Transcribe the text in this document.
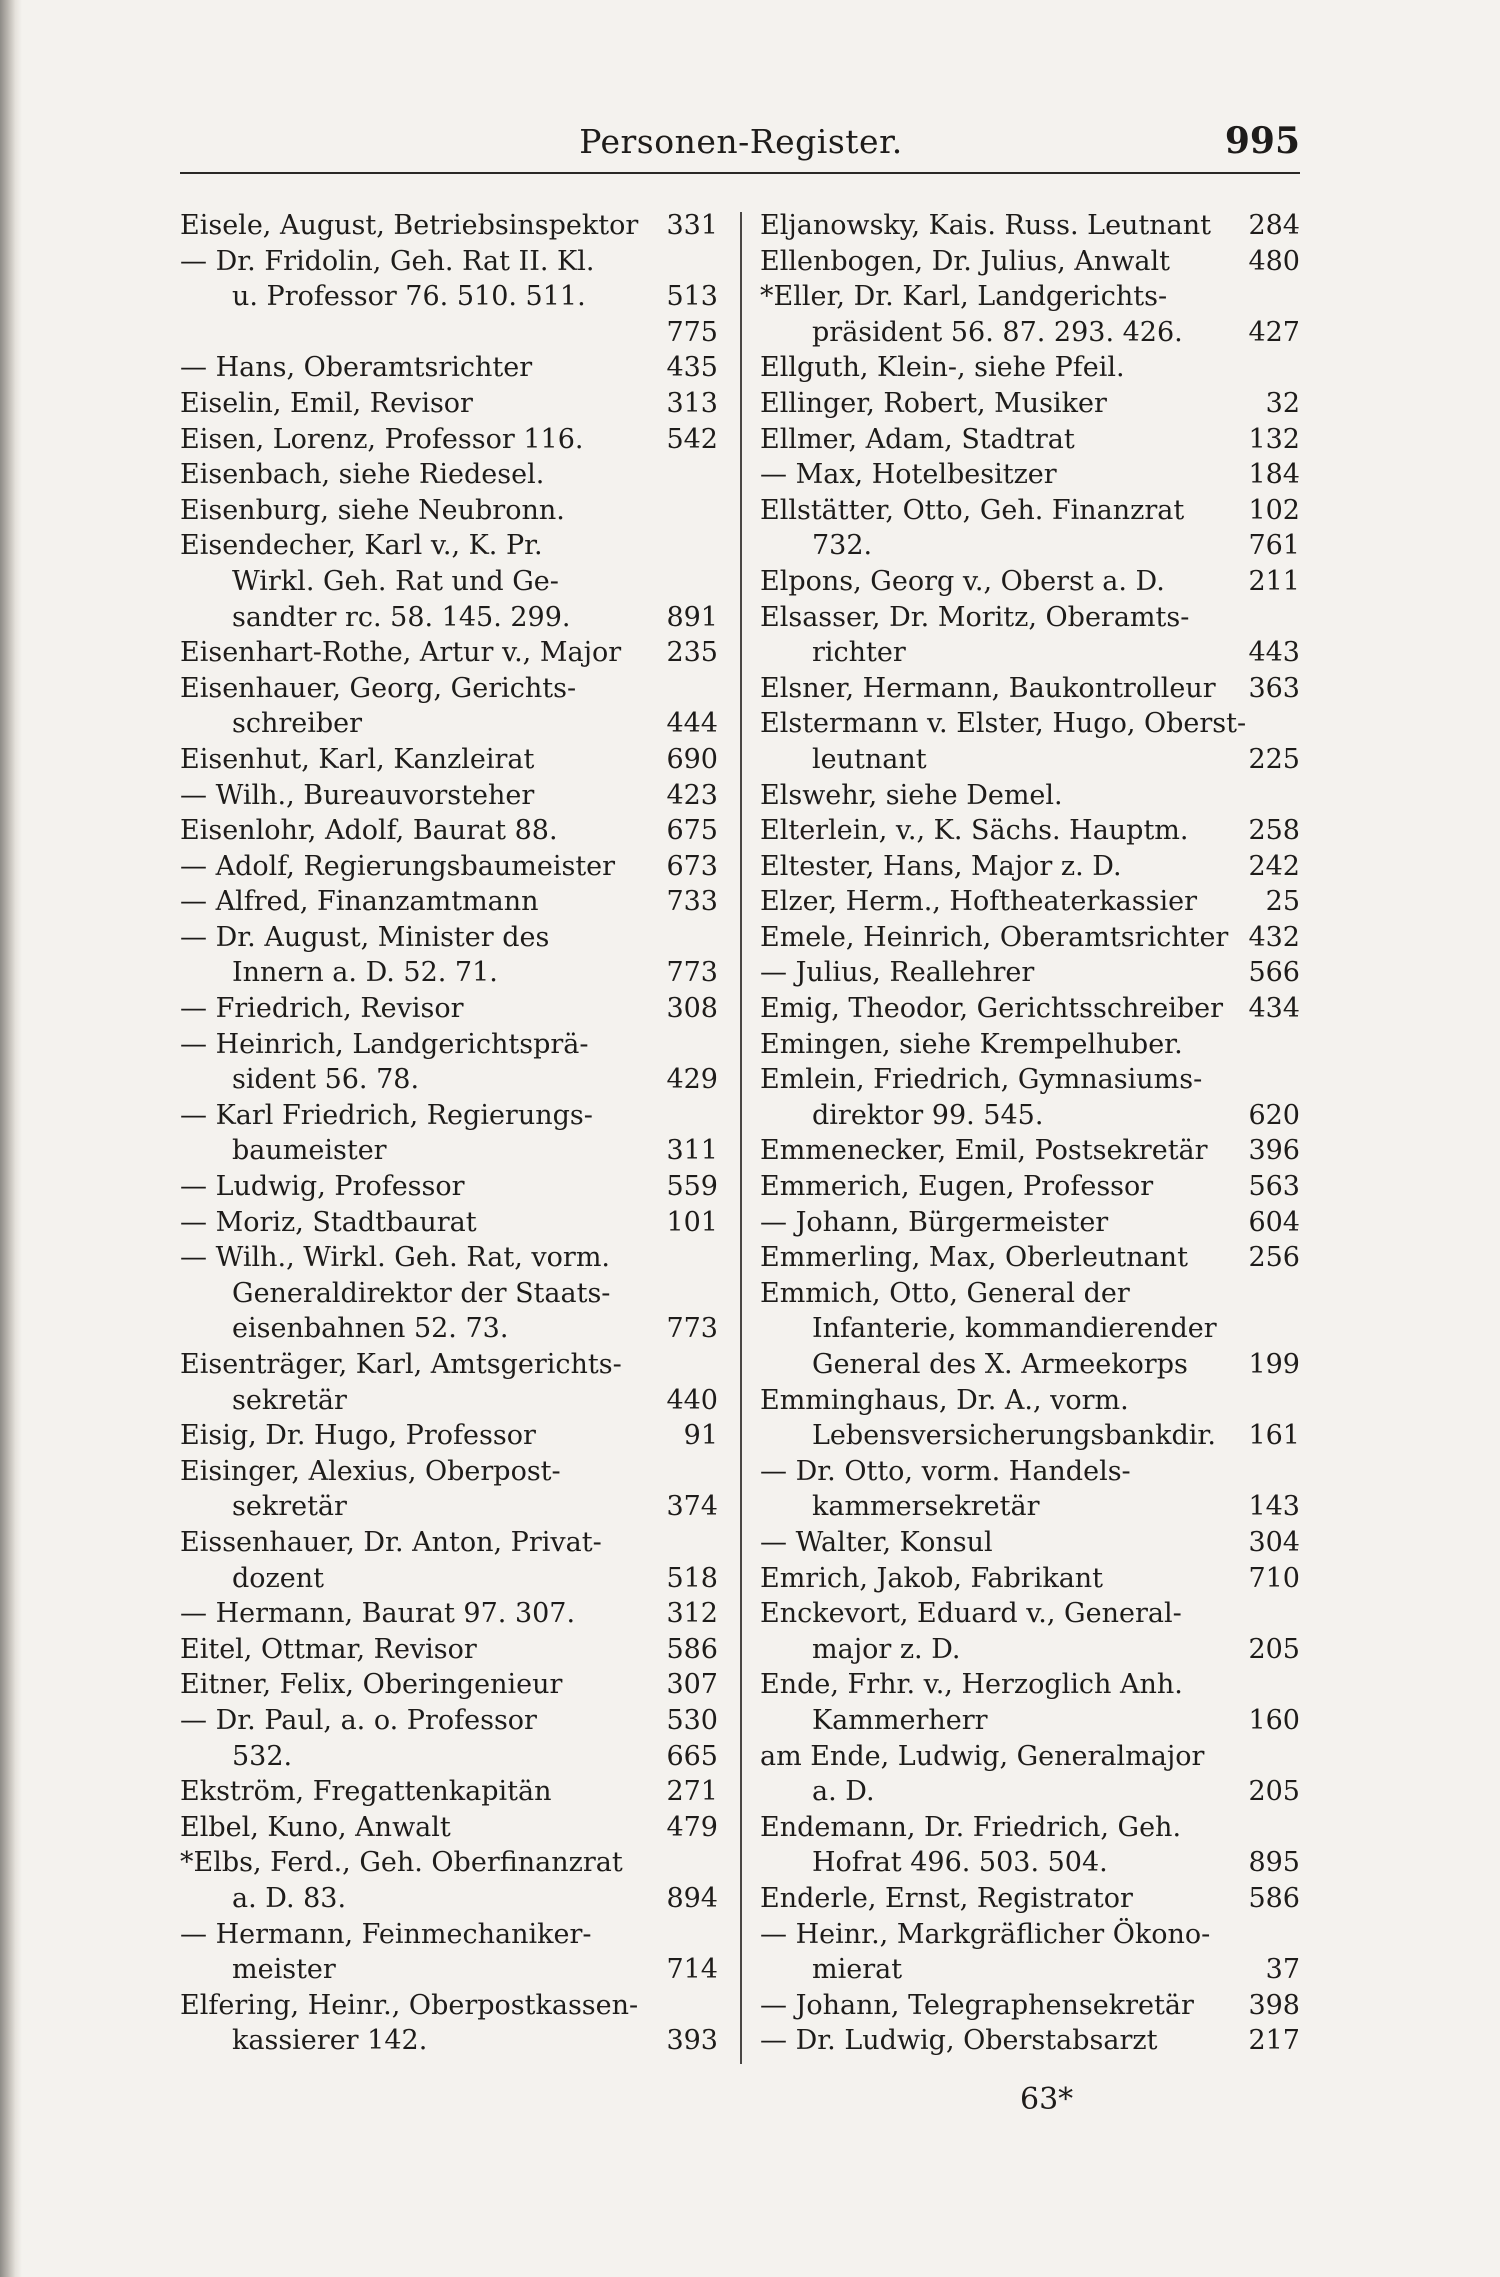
Personen-Register.	995
Eisele, August, Betriebsinspektor	331
— Dr. Fridolin, Geh. Rat II. Kl.
u. Professor 76. 510. 511.	513
775
— Hans, Oberamtsrichter	435
Eiselin, Emil, Revisor	313
Eisen, Lorenz, Professor 116.	542
Eisenbach, siehe Riedesel.
Eisenburg, siehe Neubronn.
Eisendecher, Karl v., K. Pr.
Wirkl. Geh. Rat und Ge-
sandter rc. 58. 145. 299.	891
Eisenhart-Rothe, Artur v., Major	235
Eisenhauer, Georg, Gerichts-
schreiber	444
Eisenhut, Karl, Kanzleirat	690
— Wilh., Bureauvorsteher	423
Eisenlohr, Adolf, Baurat 88.	675
— Adolf, Regierungsbaumeister	673
— Alfred, Finanzamtmann	733
— Dr. August, Minister des
Innern a. D. 52. 71.	773
— Friedrich, Revisor	308
— Heinrich, Landgerichtsprä-
sident 56. 78.	429
— Karl Friedrich, Regierungs-
baumeister	311
— Ludwig, Professor	559
— Moriz, Stadtbaurat	101
— Wilh., Wirkl. Geh. Rat, vorm.
Generaldirektor der Staats-
eisenbahnen 52. 73.	773
Eisenträger, Karl, Amtsgerichts-
sekretär	440
Eisig, Dr. Hugo, Professor	91
Eisinger, Alexius, Oberpost-
sekretär	374
Eissenhauer, Dr. Anton, Privat-
dozent	518
— Hermann, Baurat 97. 307.	312
Eitel, Ottmar, Revisor	586
Eitner, Felix, Oberingenieur	307
— Dr. Paul, a. o. Professor	530
532.	665
Ekström, Fregattenkapitän	271
Elbel, Kuno, Anwalt	479
*Elbs, Ferd., Geh. Oberfinanzrat
a. D. 83.	894
— Hermann, Feinmechaniker-
meister	714
Elfering, Heinr., Oberpostkassen-
kassierer 142.	393
Eljanowsky, Kais. Russ. Leutnant	284
Ellenbogen, Dr. Julius, Anwalt	480
*Eller, Dr. Karl, Landgerichts-
präsident 56. 87. 293. 426.	427
Ellguth, Klein-, siehe Pfeil.
Ellinger, Robert, Musiker	32
Ellmer, Adam, Stadtrat	132
— Max, Hotelbesitzer	184
Ellstätter, Otto, Geh. Finanzrat	102
732.	761
Elpons, Georg v., Oberst a. D.	211
Elsasser, Dr. Moritz, Oberamts-
richter	443
Elsner, Hermann, Baukontrolleur	363
Elstermann v. Elster, Hugo, Oberst-
leutnant	225
Elswehr, siehe Demel.
Elterlein, v., K. Sächs. Hauptm.	258
Eltester, Hans, Major z. D.	242
Elzer, Herm., Hoftheaterkassier	25
Emele, Heinrich, Oberamtsrichter 432
— Julius, Reallehrer	566
Emig, Theodor, Gerichtsschreiber 434
Emingen, siehe Krempelhuber.
Emlein, Friedrich, Gymnasiums-
direktor 99. 545.	620
Emmenecker, Emil, Postsekretär	396
Emmerich, Eugen, Professor	563
— Johann, Bürgermeister	604
Emmerling, Max, Oberleutnant	256
Emmich, Otto, General der
Infanterie, kommandierender
General des X. Armeekorps	199
Emminghaus, Dr. A., vorm.
Lebensversicherungsbankdir.	161
— Dr. Otto, vorm. Handels-
kammersekretär	143
— Walter, Konsul	304
Emrich, Jakob, Fabrikant	710
Enckevort, Eduard v., General-
major z. D.	205
Ende, Frhr. v., Herzoglich Anh.
Kammerherr	160
am Ende, Ludwig, Generalmajor
a. D.	205
Endemann, Dr. Friedrich, Geh.
Hofrat 496. 503. 504.	895
Enderle, Ernst, Registrator	586
— Heinr., Markgräflicher Ökono-
mierat	37
— Johann, Telegraphensekretär	398
— Dr. Ludwig, Oberstabsarzt	217
63*
